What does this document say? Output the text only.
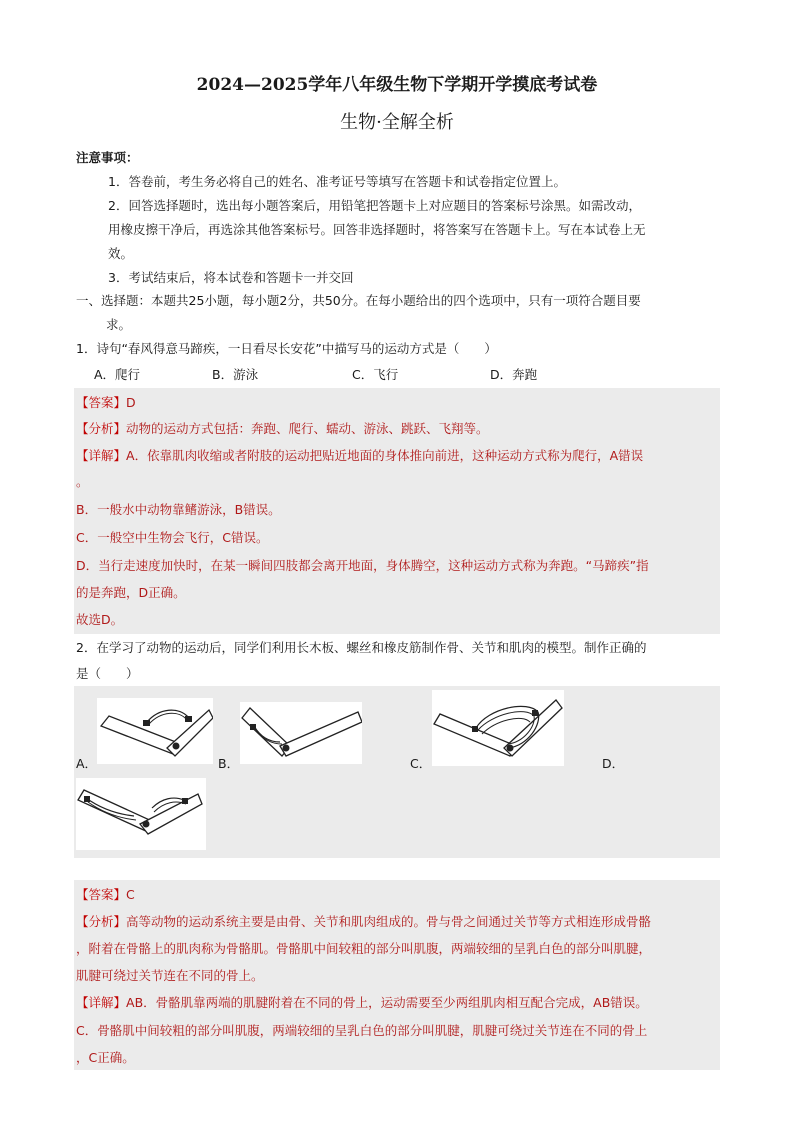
2024—2025学年八年级生物下学期开学摸底考试卷
生物·全解全析
注意事项：
1．答卷前，考生务必将自己的姓名、准考证号等填写在答题卡和试卷指定位置上。
2．回答选择题时，选出每小题答案后，用铅笔把答题卡上对应题目的答案标号涂黑。如需改动，
用橡皮擦干净后，再选涂其他答案标号。回答非选择题时，将答案写在答题卡上。写在本试卷上无
效。
3．考试结束后，将本试卷和答题卡一并交回
一、选择题：本题共25小题，每小题2分，共50分。在每小题给出的四个选项中，只有一项符合题目要
求。
1．诗句“春风得意马蹄疾，一日看尽长安花”中描写马的运动方式是（　　）
A．爬行	B．游泳	C．飞行	D．奔跑
【答案】D
【分析】动物的运动方式包括：奔跑、爬行、蠕动、游泳、跳跃、飞翔等。
【详解】A．依靠肌肉收缩或者附肢的运动把贴近地面的身体推向前进，这种运动方式称为爬行，A错误
。
B．一般水中动物靠鳍游泳，B错误。
C．一般空中生物会飞行，C错误。
D．当行走速度加快时，在某一瞬间四肢都会离开地面，身体腾空，这种运动方式称为奔跑。“马蹄疾”指
的是奔跑，D正确。
故选D。
2．在学习了动物的运动后，同学们利用长木板、螺丝和橡皮筋制作骨、关节和肌肉的模型。制作正确的
是（　　）
A．	B．	C．	D．
【答案】C
【分析】高等动物的运动系统主要是由骨、关节和肌肉组成的。骨与骨之间通过关节等方式相连形成骨骼
，附着在骨骼上的肌肉称为骨骼肌。骨骼肌中间较粗的部分叫肌腹，两端较细的呈乳白色的部分叫肌腱，
肌腱可绕过关节连在不同的骨上。
【详解】AB．骨骼肌靠两端的肌腱附着在不同的骨上，运动需要至少两组肌肉相互配合完成，AB错误。
C．骨骼肌中间较粗的部分叫肌腹，两端较细的呈乳白色的部分叫肌腱，肌腱可绕过关节连在不同的骨上
，C正确。
